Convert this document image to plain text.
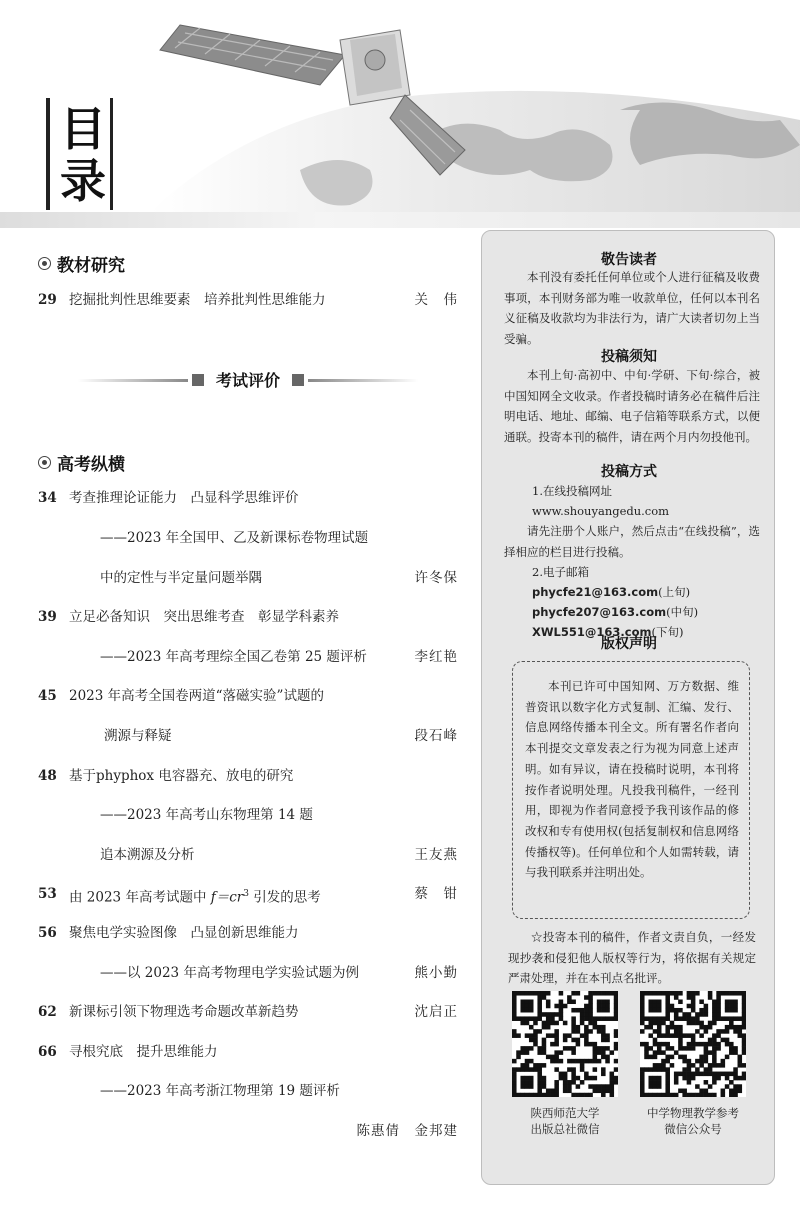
目
录
教材研究
29 挖掘批判性思维要素　培养批判性思维能力	关　伟
考试评价
高考纵横
34 考查推理论证能力　凸显科学思维评价
——2023 年全国甲、乙及新课标卷物理试题
中的定性与半定量问题举隅	许冬保
39 立足必备知识　突出思维考查　彰显学科素养
——2023 年高考理综全国乙卷第 25 题评析	李红艳
45 2023 年高考全国卷两道“落磁实验”试题的
溯源与释疑	段石峰
48 基于phyphox 电容器充、放电的研究
——2023 年高考山东物理第 14 题
追本溯源及分析	王友燕
53 由 2023 年高考试题中 $f=cr^3$ 引发的思考	蔡　钳
56 聚焦电学实验图像　凸显创新思维能力
——以 2023 年高考物理电学实验试题为例	熊小勤
62 新课标引领下物理选考命题改革新趋势	沈启正
66 寻根究底　提升思维能力
——2023 年高考浙江物理第 19 题评析
陈惠倩　金邦建
敬告读者

本刊没有委托任何单位或个人进行征稿及收费事项，本刊财务部为唯一收款单位，任何以本刊名义征稿及收款均为非法行为，请广大读者切勿上当受骗。

投稿须知

本刊上旬·高初中、中旬·学研、下旬·综合，被中国知网全文收录。作者投稿时请务必在稿件后注明电话、地址、邮编、电子信箱等联系方式，以便通联。投寄本刊的稿件，请在两个月内勿投他刊。

投稿方式
1.在线投稿网址
www.shouyangedu.com

请先注册个人账户，然后点击“在线投稿”，选择相应的栏目进行投稿。

2.电子邮箱
phycfe21@163.com(上旬)
phycfe207@163.com(中旬)
XWL551@163.com(下旬)
版权声明

本刊已许可中国知网、万方数据、维普资讯以数字化方式复制、汇编、发行、信息网络传播本刊全文。所有署名作者向本刊提交文章发表之行为视为同意上述声明。如有异议，请在投稿时说明，本刊将按作者说明处理。凡投我刊稿件，一经刊用，即视为作者同意授予我刊该作品的修改权和专有使用权(包括复制权和信息网络传播权等)。任何单位和个人如需转载，请与我刊联系并注明出处。

☆投寄本刊的稿件，作者文责自负，一经发现抄袭和侵犯他人版权等行为，将依据有关规定严肃处理，并在本刊点名批评。

陕西师范大学
出版总社微信
中学物理教学参考
微信公众号
